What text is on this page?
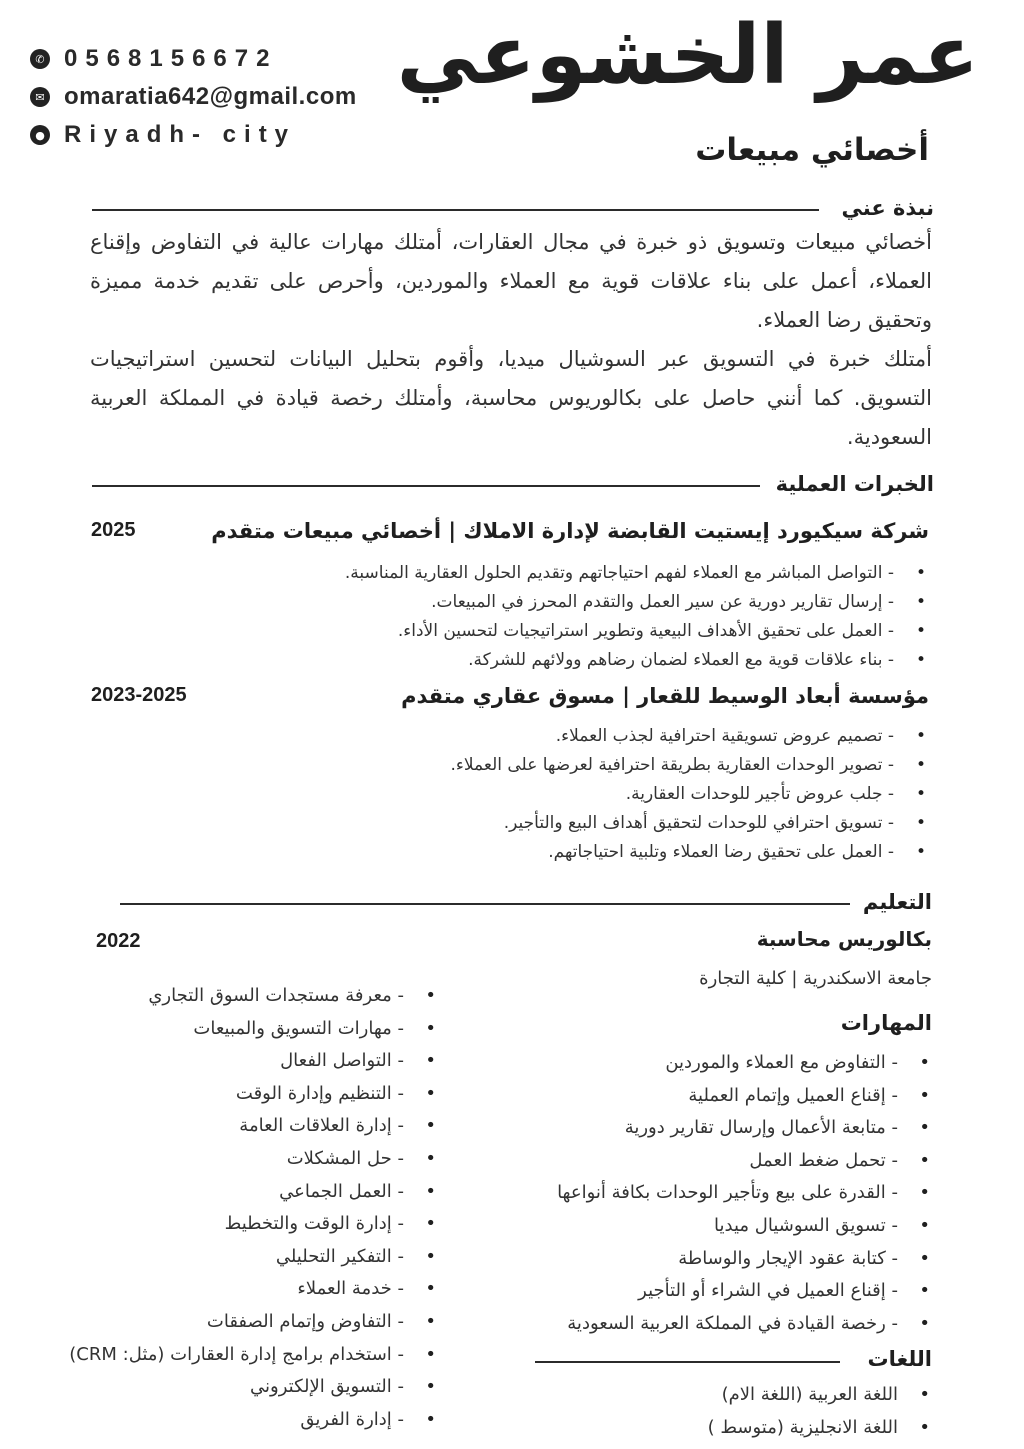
عمر الخشوعي
أخصائي مبيعات
✆ 0568156672
✉ omaratia642@gmail.com
● Riyadh- city
نبذة عني

أخصائي مبيعات وتسويق ذو خبرة في مجال العقارات، أمتلك مهارات عالية في التفاوض وإقناع العملاء، أعمل على بناء علاقات قوية مع العملاء والموردين، وأحرص على تقديم خدمة مميزة وتحقيق رضا العملاء.

أمتلك خبرة في التسويق عبر السوشيال ميديا، وأقوم بتحليل البيانات لتحسين استراتيجيات التسويق. كما أنني حاصل على بكالوريوس محاسبة، وأمتلك رخصة قيادة في المملكة العربية السعودية.

الخبرات العملية
شركة سيكيورد إيستيت القابضة لإدارة الاملاك | أخصائي مبيعات متقدم
2025
• - التواصل المباشر مع العملاء لفهم احتياجاتهم وتقديم الحلول العقارية المناسبة.
• - إرسال تقارير دورية عن سير العمل والتقدم المحرز في المبيعات.
• - العمل على تحقيق الأهداف البيعية وتطوير استراتيجيات لتحسين الأداء.
• - بناء علاقات قوية مع العملاء لضمان رضاهم وولائهم للشركة.
مؤسسة أبعاد الوسيط للقعار | مسوق عقاري متقدم
2023-2025
• - تصميم عروض تسويقية احترافية لجذب العملاء.
• - تصوير الوحدات العقارية بطريقة احترافية لعرضها على العملاء.
• - جلب عروض تأجير للوحدات العقارية.
• - تسويق احترافي للوحدات لتحقيق أهداف البيع والتأجير.
• - العمل على تحقيق رضا العملاء وتلبية احتياجاتهم.
التعليم
بكالوريس محاسبة
2022
جامعة الاسكندرية | كلية التجارة
المهارات
• - التفاوض مع العملاء والموردين
• - إقناع العميل وإتمام العملية
• - متابعة الأعمال وإرسال تقارير دورية
• - تحمل ضغط العمل
• - القدرة على بيع وتأجير الوحدات بكافة أنواعها
• - تسويق السوشيال ميديا
• - كتابة عقود الإيجار والوساطة
• - إقناع العميل في الشراء أو التأجير
• - رخصة القيادة في المملكة العربية السعودية
• - معرفة مستجدات السوق التجاري
• - مهارات التسويق والمبيعات
• - التواصل الفعال
• - التنظيم وإدارة الوقت
• - إدارة العلاقات العامة
• - حل المشكلات
• - العمل الجماعي
• - إدارة الوقت والتخطيط
• - التفكير التحليلي
• - خدمة العملاء
• - التفاوض وإتمام الصفقات
• - استخدام برامج إدارة العقارات (مثل: CRM)
• - التسويق الإلكتروني
• - إدارة الفريق
اللغات
• اللغة العربية (اللغة الام)
• اللغة الانجليزية (متوسط )
